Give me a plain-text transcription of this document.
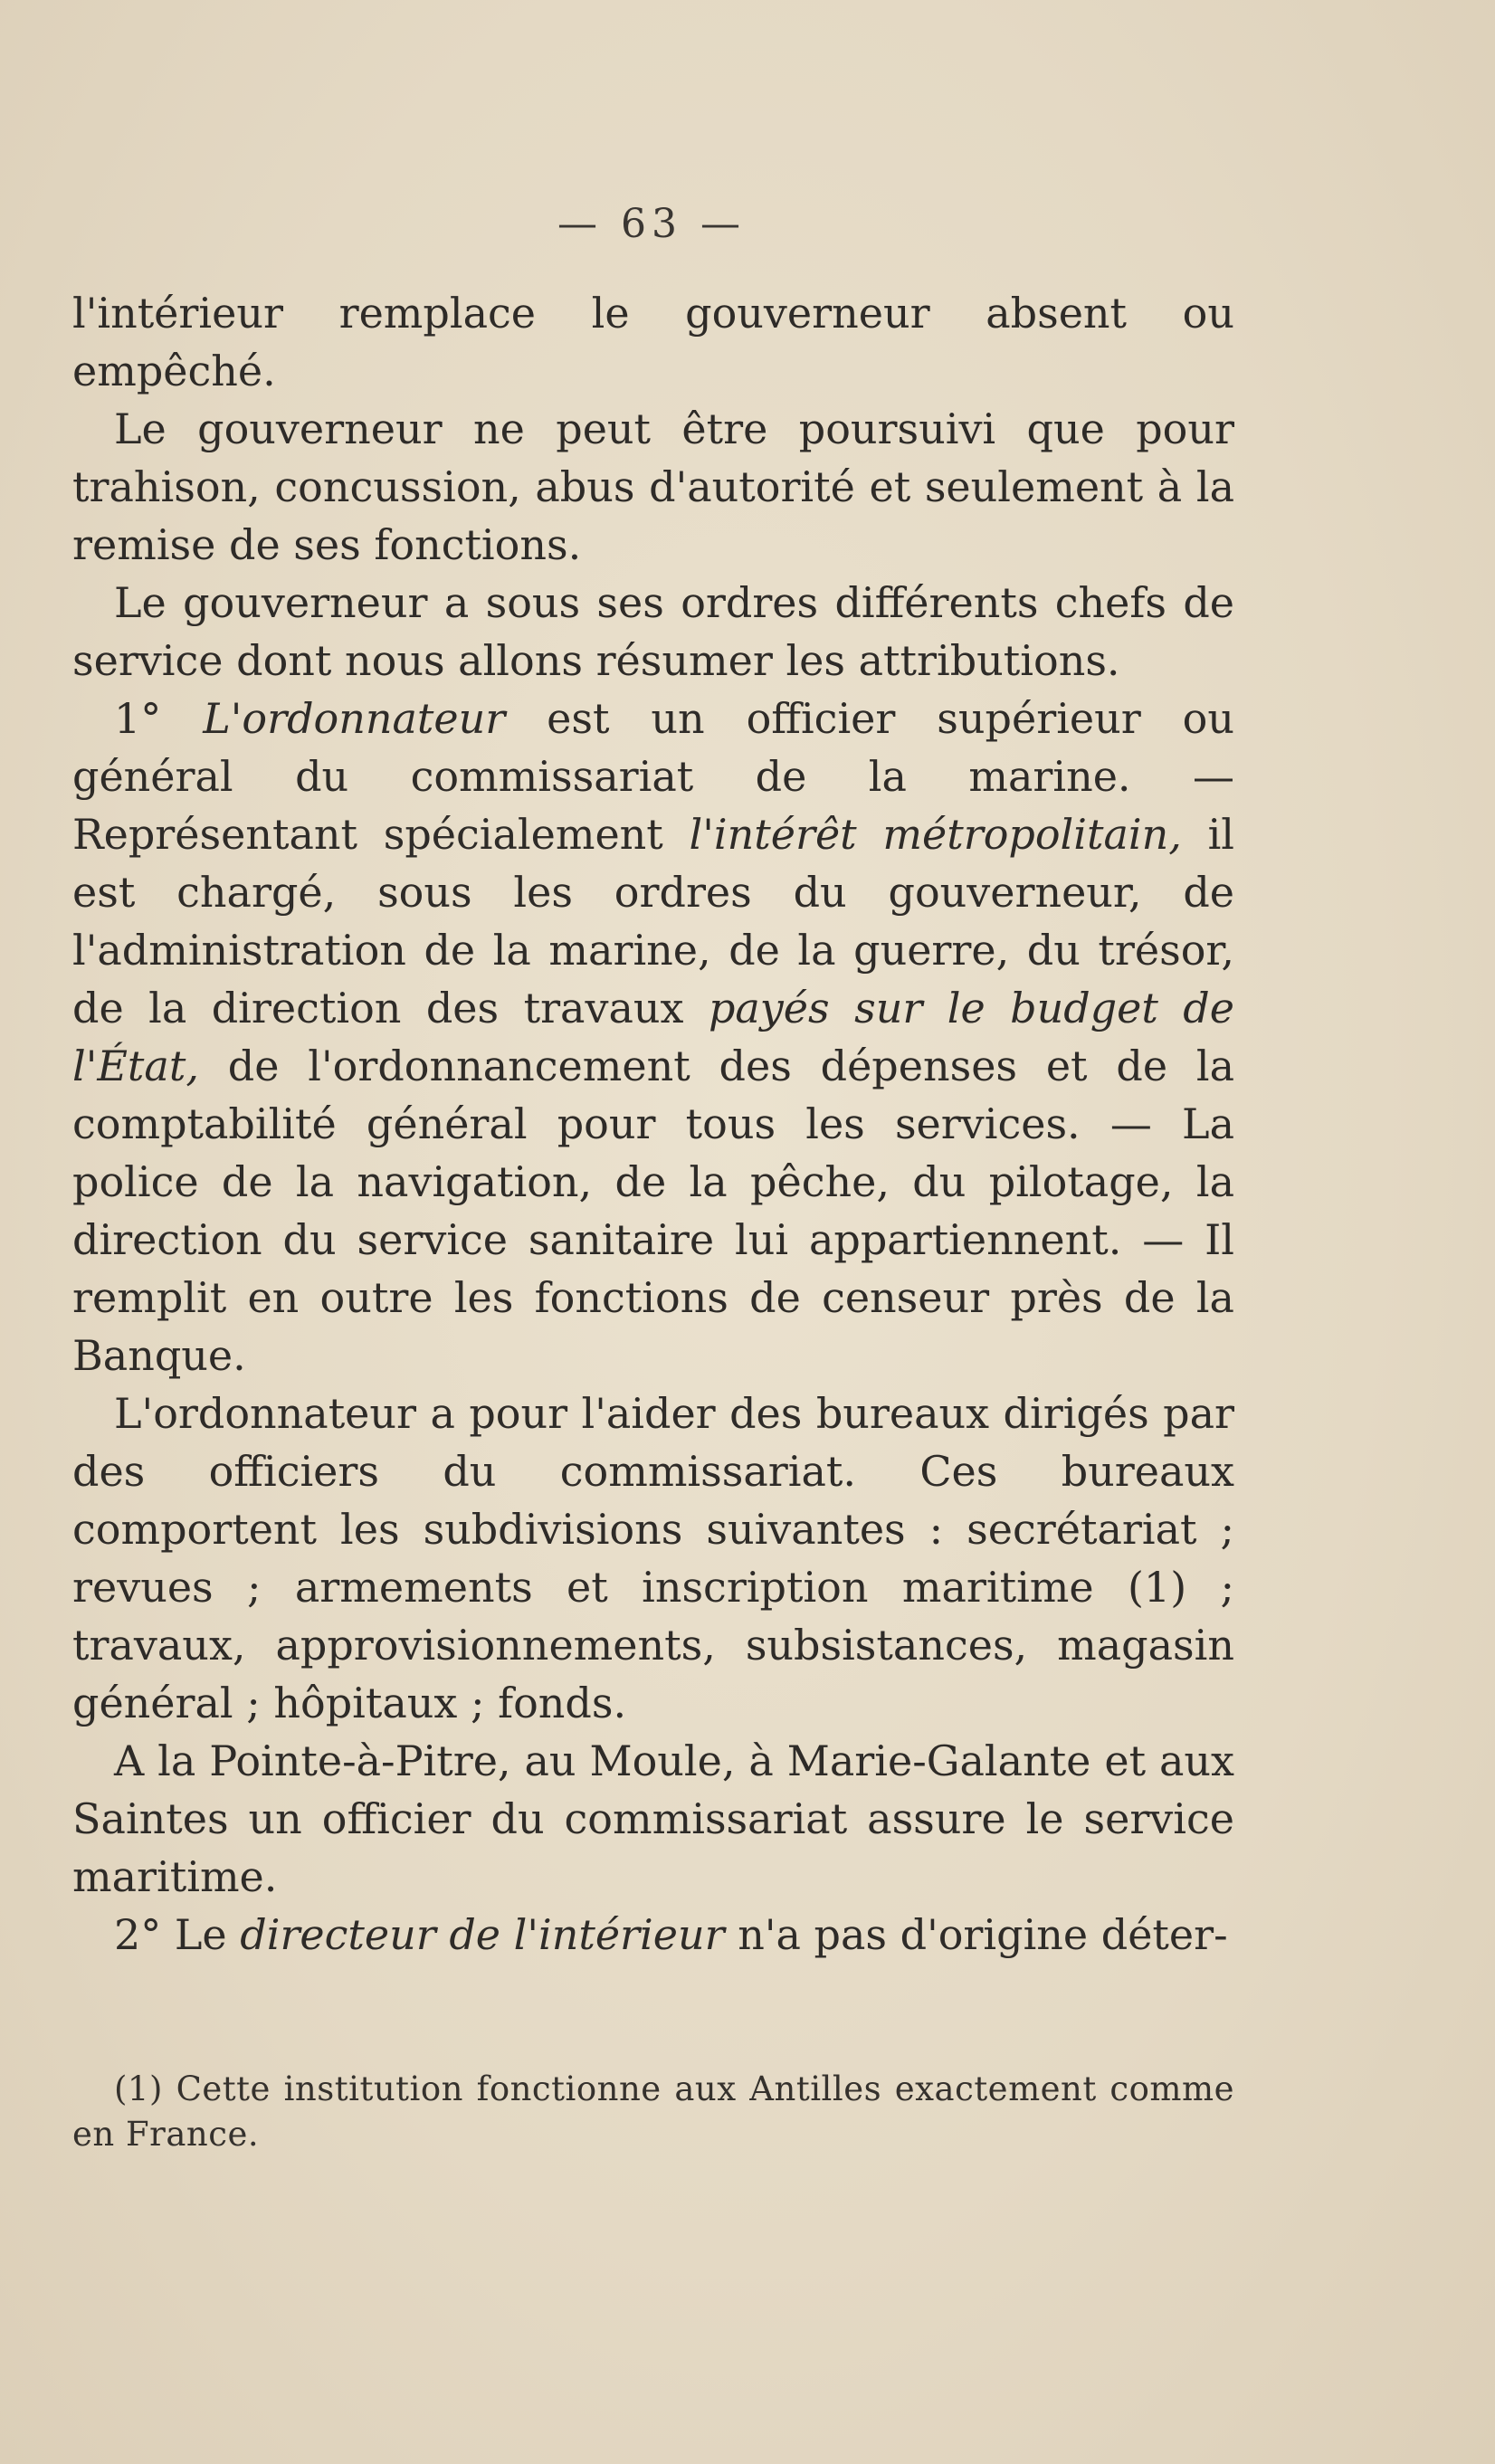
— 63 —

l'intérieur remplace le gouverneur absent ou empêché.

Le gouverneur ne peut être poursuivi que pour trahison, concussion, abus d'autorité et seulement à la remise de ses fonctions.

Le gouverneur a sous ses ordres différents chefs de service dont nous allons résumer les attributions.

1° L'ordonnateur est un officier supérieur ou général du commissariat de la marine. — Représentant spécialement l'intérêt métropolitain, il est chargé, sous les ordres du gouverneur, de l'administration de la marine, de la guerre, du trésor, de la direction des travaux payés sur le budget de l'État, de l'ordonnancement des dépenses et de la comptabilité général pour tous les services. — La police de la navigation, de la pêche, du pilotage, la direction du service sanitaire lui appartiennent. — Il remplit en outre les fonctions de censeur près de la Banque.

L'ordonnateur a pour l'aider des bureaux dirigés par des officiers du commissariat. Ces bureaux comportent les subdivisions suivantes : secrétariat ; revues ; armements et inscription maritime (1) ; travaux, approvisionnements, subsistances, magasin général ; hôpitaux ; fonds.

A la Pointe-à-Pitre, au Moule, à Marie-Galante et aux Saintes un officier du commissariat assure le service maritime.

2° Le directeur de l'intérieur n'a pas d'origine déter-

(1) Cette institution fonctionne aux Antilles exactement comme en France.
